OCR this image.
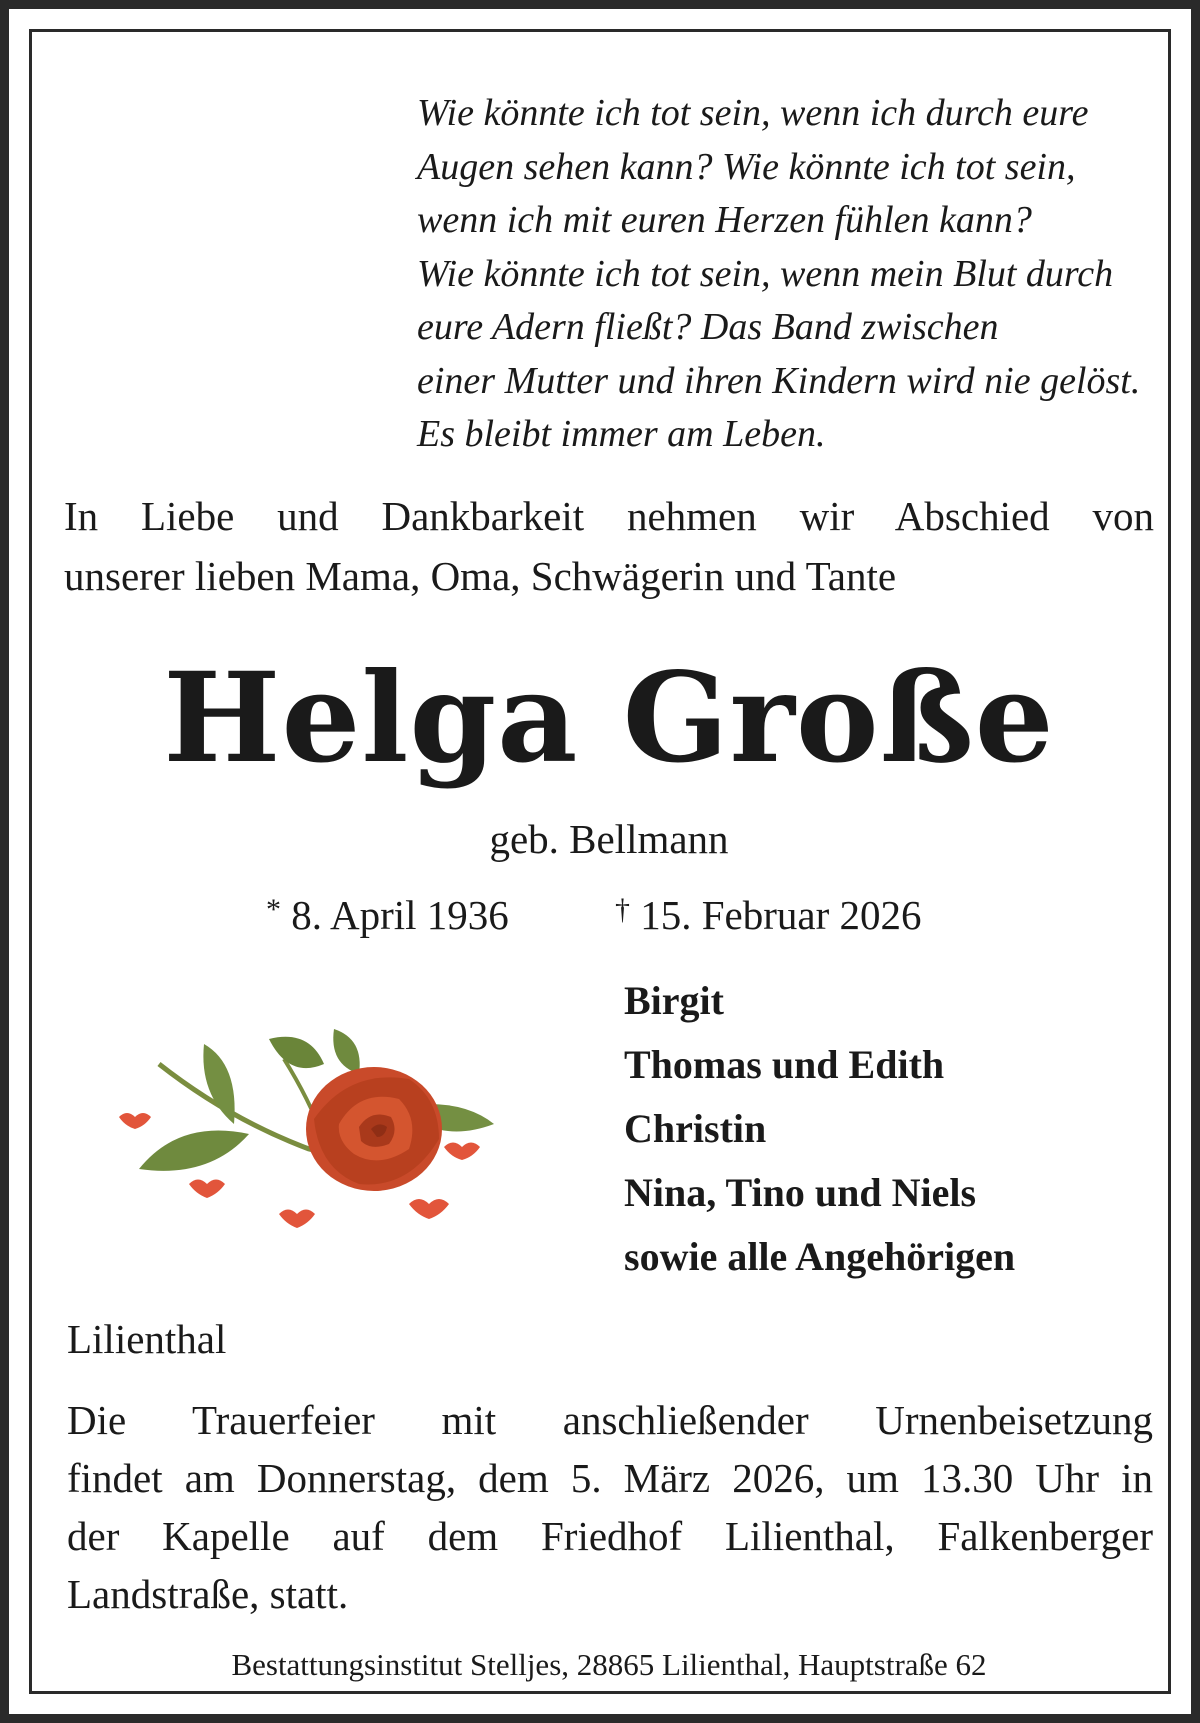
Wie könnte ich tot sein, wenn ich durch eure
Augen sehen kann? Wie könnte ich tot sein,
wenn ich mit euren Herzen fühlen kann?
Wie könnte ich tot sein, wenn mein Blut durch
eure Adern fließt? Das Band zwischen
einer Mutter und ihren Kindern wird nie gelöst.
Es bleibt immer am Leben.
In Liebe und Dankbarkeit nehmen wir Abschied von
unserer lieben Mama, Oma, Schwägerin und Tante
Helga Große
geb. Bellmann
* 8. April 1936	† 15. Februar 2026
Birgit
Thomas und Edith
Christin
Nina, Tino und Niels
sowie alle Angehörigen
Lilienthal
Die Trauerfeier mit anschließender Urnenbeisetzung
findet am Donnerstag, dem 5. März 2026, um 13.30 Uhr in
der Kapelle auf dem Friedhof Lilienthal, Falkenberger
Landstraße, statt.
Bestattungsinstitut Stelljes, 28865 Lilienthal, Hauptstraße 62
